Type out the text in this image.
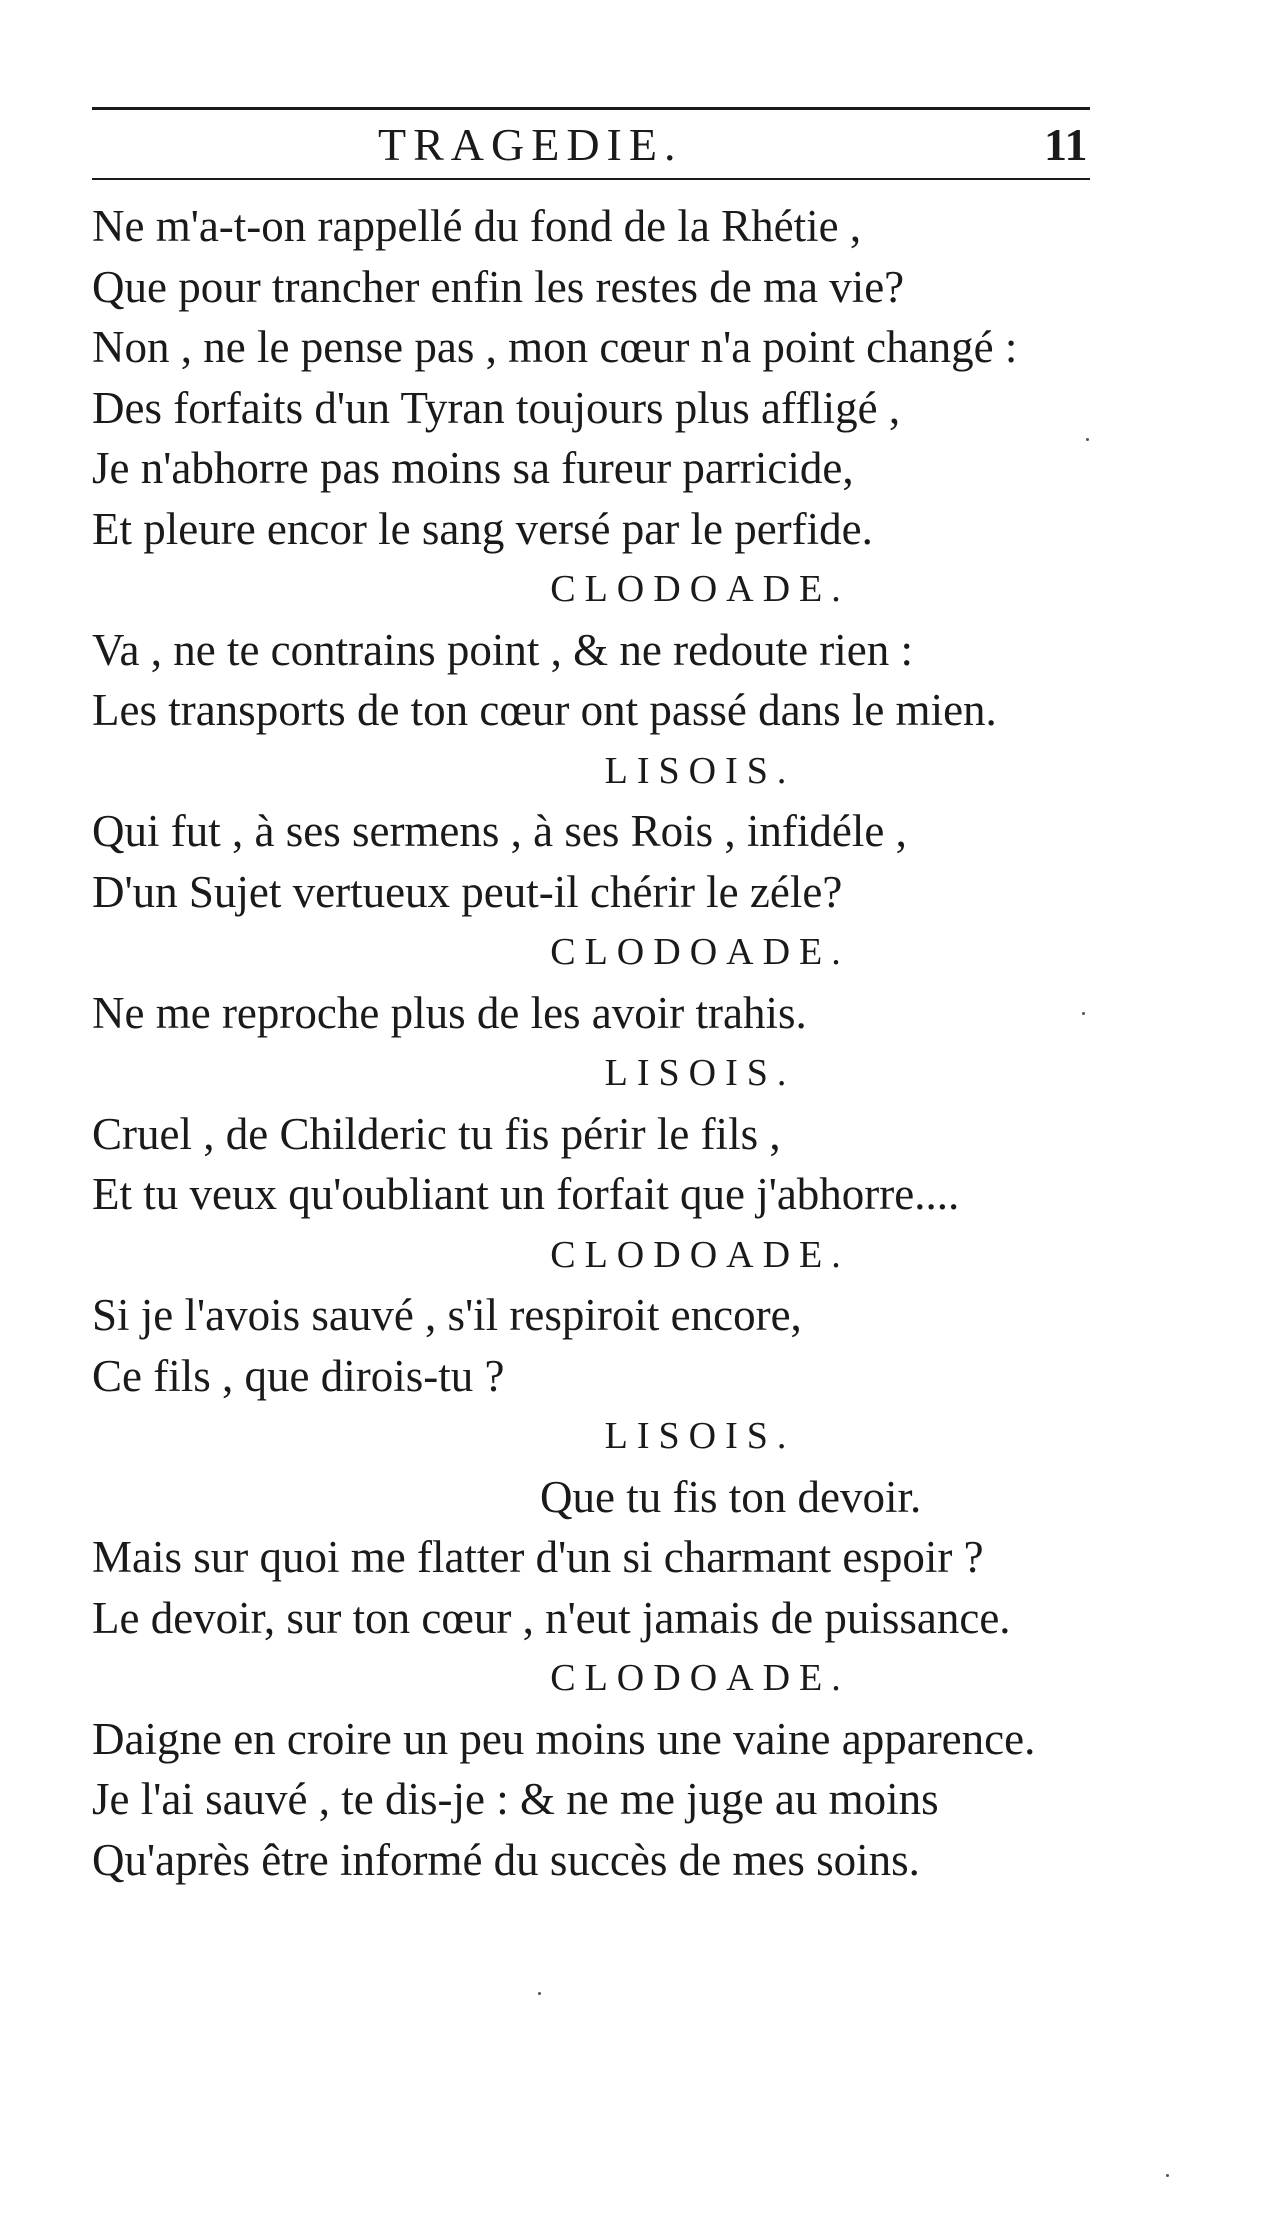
TRAGEDIE.	11
Ne m'a-t-on rappellé du fond de la Rhétie ,
Que pour trancher enfin les restes de ma vie?
Non , ne le pense pas , mon cœur n'a point changé :
Des forfaits d'un Tyran toujours plus affligé ,
Je n'abhorre pas moins sa fureur parricide,
Et pleure encor le sang versé par le perfide.
CLODOADE.
Va , ne te contrains point , & ne redoute rien :
Les transports de ton cœur ont passé dans le mien.
LISOIS.
Qui fut , à ses sermens , à ses Rois , infidéle ,
D'un Sujet vertueux peut-il chérir le zéle?
CLODOADE.
Ne me reproche plus de les avoir trahis.
LISOIS.
Cruel , de Childeric tu fis périr le fils ,
Et tu veux qu'oubliant un forfait que j'abhorre....
CLODOADE.
Si je l'avois sauvé , s'il respiroit encore,
Ce fils , que dirois-tu ?
LISOIS.
Que tu fis ton devoir.
Mais sur quoi me flatter d'un si charmant espoir ?
Le devoir, sur ton cœur , n'eut jamais de puissance.
CLODOADE.
Daigne en croire un peu moins une vaine apparence.
Je l'ai sauvé , te dis-je : & ne me juge au moins
Qu'après être informé du succès de mes soins.
